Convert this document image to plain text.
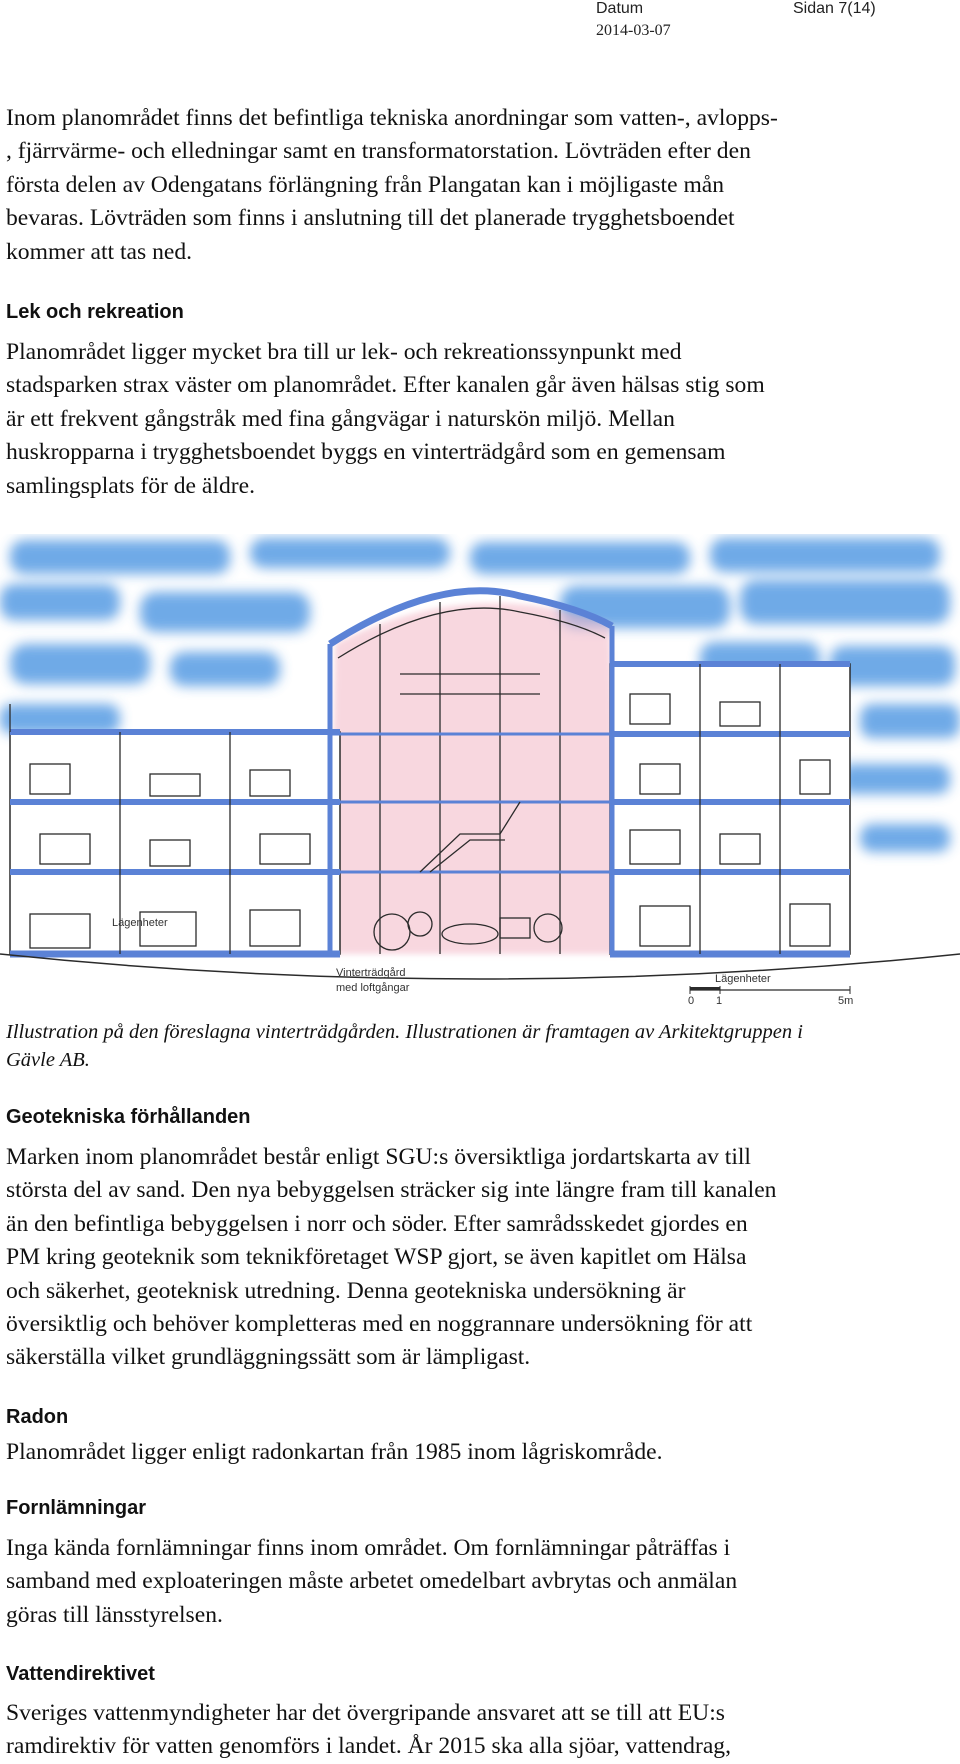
Datum
2014-03-07
Sidan 7(14)

Inom planområdet finns det befintliga tekniska anordningar som vatten-, avlopps-
, fjärrvärme- och elledningar samt en transformatorstation. Lövträden efter den
första delen av Odengatans förlängning från Plangatan kan i möjligaste mån
bevaras. Lövträden som finns i anslutning till det planerade trygghetsboendet
kommer att tas ned.

Lek och rekreation

Planområdet ligger mycket bra till ur lek- och rekreationssynpunkt med
stadsparken strax väster om planområdet. Efter kanalen går även hälsas stig som
är ett frekvent gångstråk med fina gångvägar i naturskön miljö. Mellan
huskropparna i trygghetsboendet byggs en vinterträdgård som en gemensam
samlingsplats för de äldre.

Lägenheter
Lägenheter
Vinterträdgård
med loftgångar
0 1	5m

Illustration på den föreslagna vinterträdgården. Illustrationen är framtagen av Arkitektgruppen i
Gävle AB.

Geotekniska förhållanden

Marken inom planområdet består enligt SGU:s översiktliga jordartskarta av till
största del av sand. Den nya bebyggelsen sträcker sig inte längre fram till kanalen
än den befintliga bebyggelsen i norr och söder. Efter samrådsskedet gjordes en
PM kring geoteknik som teknikföretaget WSP gjort, se även kapitlet om Hälsa
och säkerhet, geoteknisk utredning. Denna geotekniska undersökning är
översiktlig och behöver kompletteras med en noggrannare undersökning för att
säkerställa vilket grundläggningssätt som är lämpligast.

Radon

Planområdet ligger enligt radonkartan från 1985 inom lågriskområde.

Fornlämningar

Inga kända fornlämningar finns inom området. Om fornlämningar påträffas i
samband med exploateringen måste arbetet omedelbart avbrytas och anmälan
göras till länsstyrelsen.

Vattendirektivet

Sveriges vattenmyndigheter har det övergripande ansvaret att se till att EU:s
ramdirektiv för vatten genomförs i landet. År 2015 ska alla sjöar, vattendrag,
